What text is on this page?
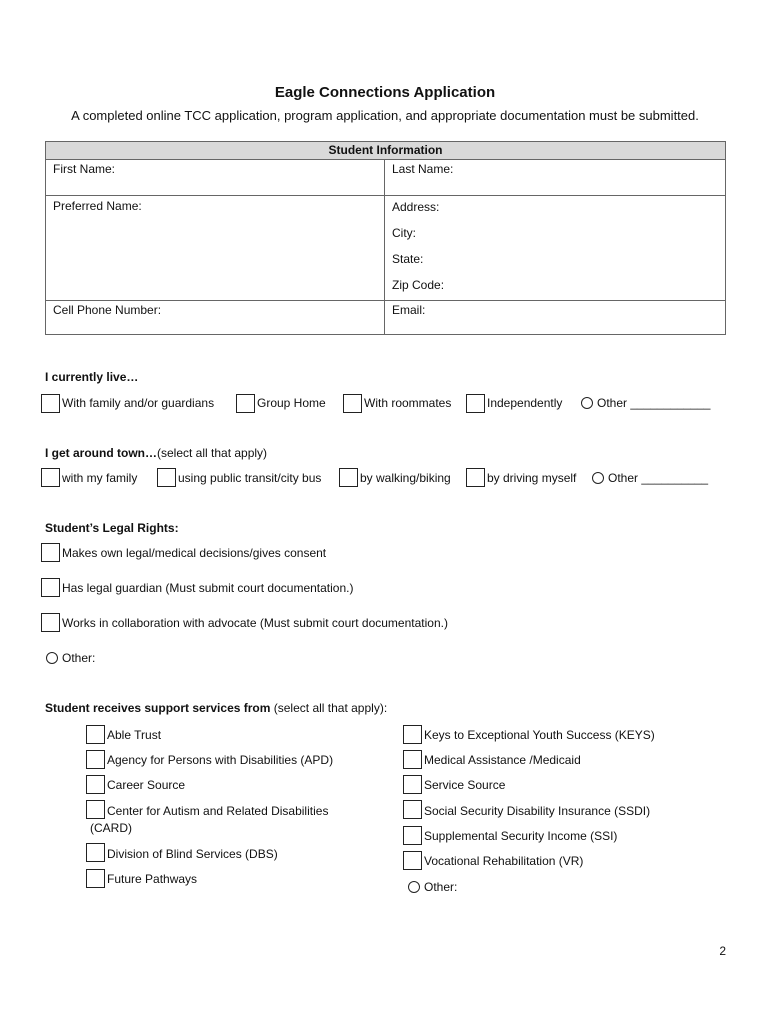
Eagle Connections Application
A completed online TCC application, program application, and appropriate documentation must be submitted.
Student Information	
First Name:	Last Name:

Preferred Name:	Address:
City:
State:
Zip Code:

Cell Phone Number:	Email:
I currently live…
With family and/or guardians	Group Home	With roommates	Independently	Other ____________
I get around town…(select all that apply)
with my family	using public transit/city bus	by walking/biking	by driving myself	Other __________
Student’s Legal Rights:
Makes own legal/medical decisions/gives consent
Has legal guardian (Must submit court documentation.)
Works in collaboration with advocate (Must submit court documentation.)
Other:
Student receives support services from (select all that apply):
Able Trust
Agency for Persons with Disabilities (APD)
Career Source
Center for Autism and Related Disabilities
(CARD)
Division of Blind Services (DBS)
Future Pathways
Keys to Exceptional Youth Success (KEYS)
Medical Assistance /Medicaid
Service Source
Social Security Disability Insurance (SSDI)
Supplemental Security Income (SSI)
Vocational Rehabilitation (VR)
Other:
2
